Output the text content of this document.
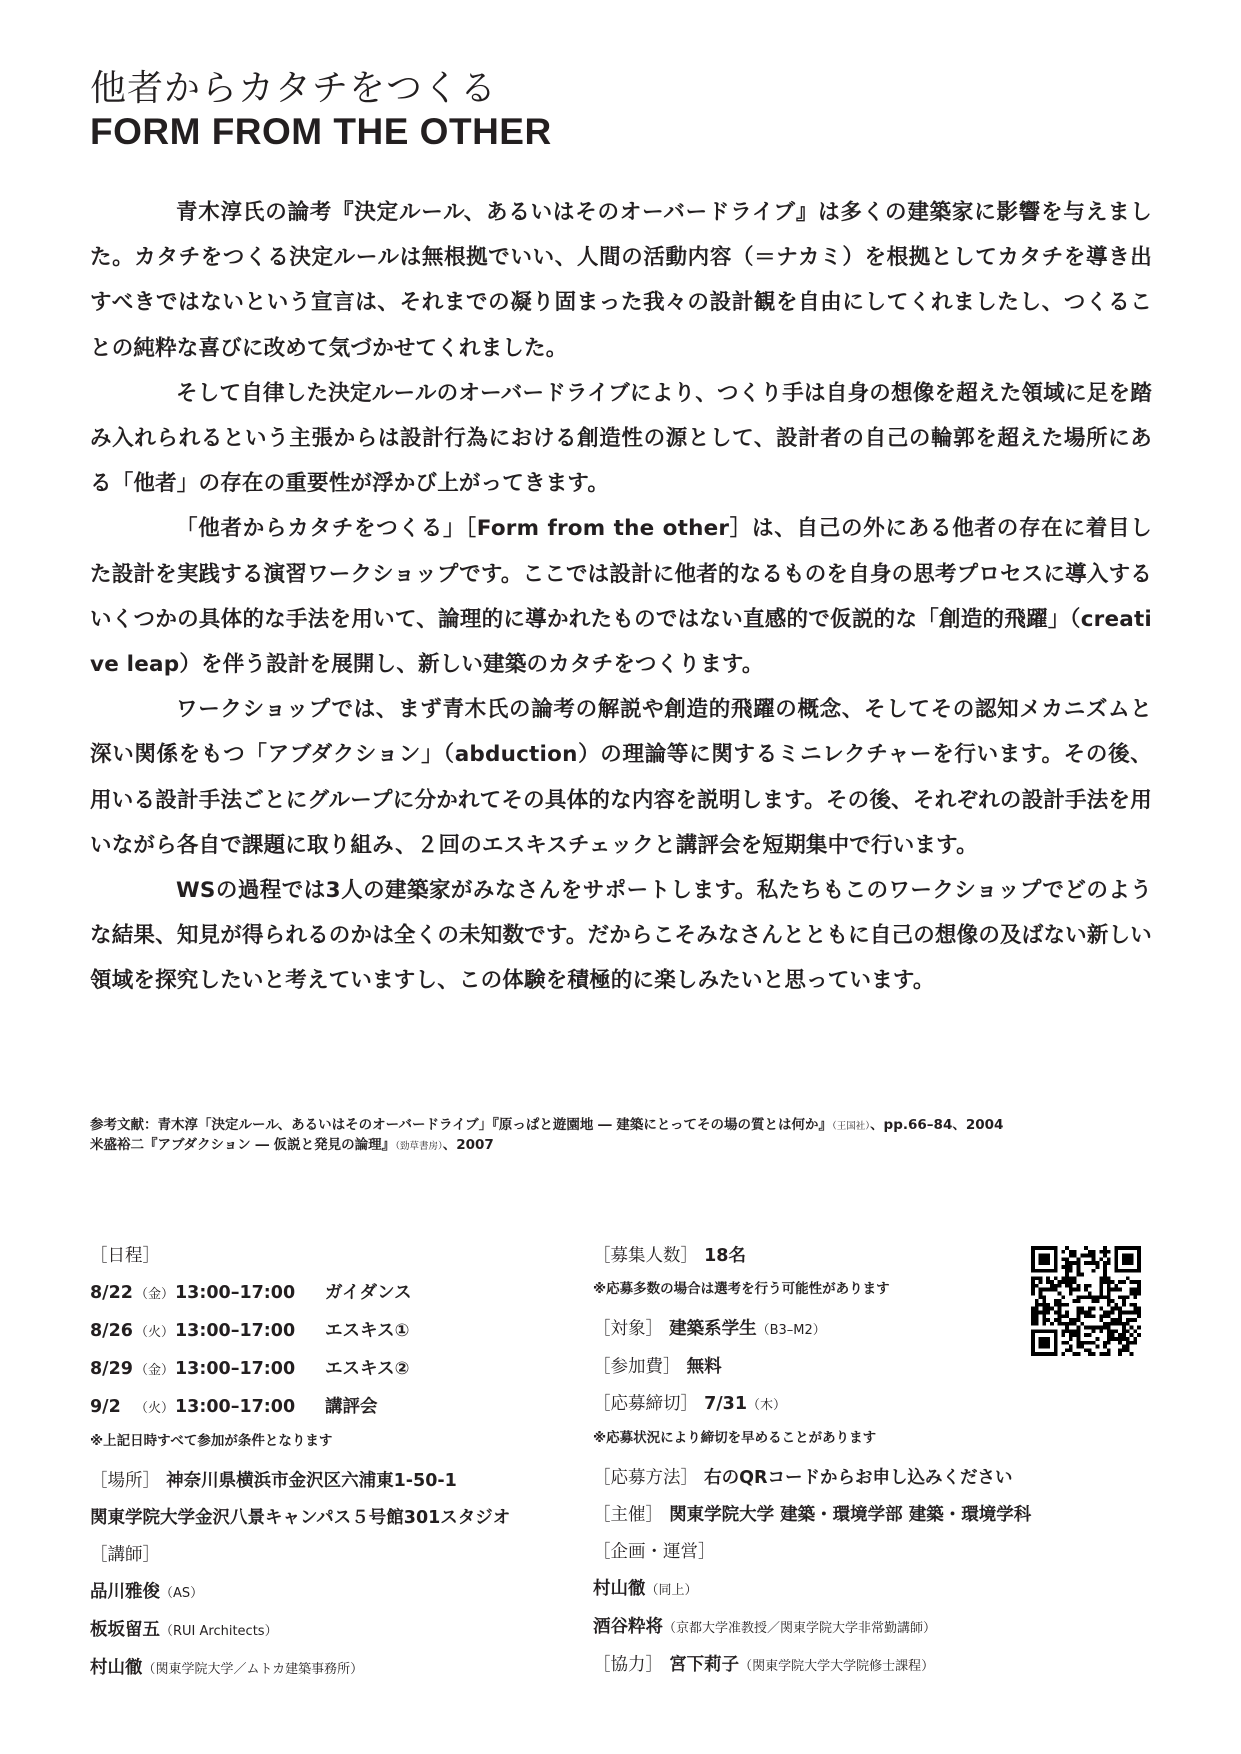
他者からカタチをつくる
FORM FROM THE OTHER

青木淳氏の論考『決定ルール、あるいはそのオーバードライブ』は多くの建築家に影響を与えました。カタチをつくる決定ルールは無根拠でいい、人間の活動内容（＝ナカミ）を根拠としてカタチを導き出すべきではないという宣言は、それまでの凝り固まった我々の設計観を自由にしてくれましたし、つくることの純粋な喜びに改めて気づかせてくれました。

そして自律した決定ルールのオーバードライブにより、つくり手は自身の想像を超えた領域に足を踏み入れられるという主張からは設計行為における創造性の源として、設計者の自己の輪郭を超えた場所にある「他者」の存在の重要性が浮かび上がってきます。

「他者からカタチをつくる」［Form from the other］は、自己の外にある他者の存在に着目した設計を実践する演習ワークショップです。ここでは設計に他者的なるものを自身の思考プロセスに導入するいくつかの具体的な手法を用いて、論理的に導かれたものではない直感的で仮説的な「創造的飛躍」（creative leap）を伴う設計を展開し、新しい建築のカタチをつくります。

ワークショップでは、まず青木氏の論考の解説や創造的飛躍の概念、そしてその認知メカニズムと深い関係をもつ「アブダクション」（abduction）の理論等に関するミニレクチャーを行います。その後、用いる設計手法ごとにグループに分かれてその具体的な内容を説明します。その後、それぞれの設計手法を用いながら各自で課題に取り組み、２回のエスキスチェックと講評会を短期集中で行います。

WSの過程では3人の建築家がみなさんをサポートします。私たちもこのワークショップでどのような結果、知見が得られるのかは全くの未知数です。だからこそみなさんとともに自己の想像の及ばない新しい領域を探究したいと考えていますし、この体験を積極的に楽しみたいと思っています。

参考文献：青木淳「決定ルール、あるいはそのオーバードライブ」『原っぱと遊園地 ― 建築にとってその場の質とは何か』（王国社）、pp.66–84、2004
米盛裕二『アブダクション ― 仮説と発見の論理』（勁草書房）、2007
［日程］
8/22 （金）13:00–17:00 ガイダンス
8/26 （火）13:00–17:00 エスキス①
8/29 （金）13:00–17:00 エスキス②
9/2 （火）13:00–17:00 講評会
※上記日時すべて参加が条件となります
［場所］ 神奈川県横浜市金沢区六浦東1-50-1
関東学院大学金沢八景キャンパス５号館301スタジオ
［講師］
品川雅俊（AS）
板坂留五（RUI Architects）
村山徹（関東学院大学／ムトカ建築事務所）
［募集人数］ 18名
※応募多数の場合は選考を行う可能性があります
［対象］ 建築系学生（B3–M2）
［参加費］ 無料
［応募締切］ 7/31（木）
※応募状況により締切を早めることがあります
［応募方法］ 右のQRコードからお申し込みください
［主催］ 関東学院大学 建築・環境学部 建築・環境学科
［企画・運営］
村山徹（同上）
酒谷粋将（京都大学准教授／関東学院大学非常勤講師）
［協力］ 宮下莉子（関東学院大学大学院修士課程）
